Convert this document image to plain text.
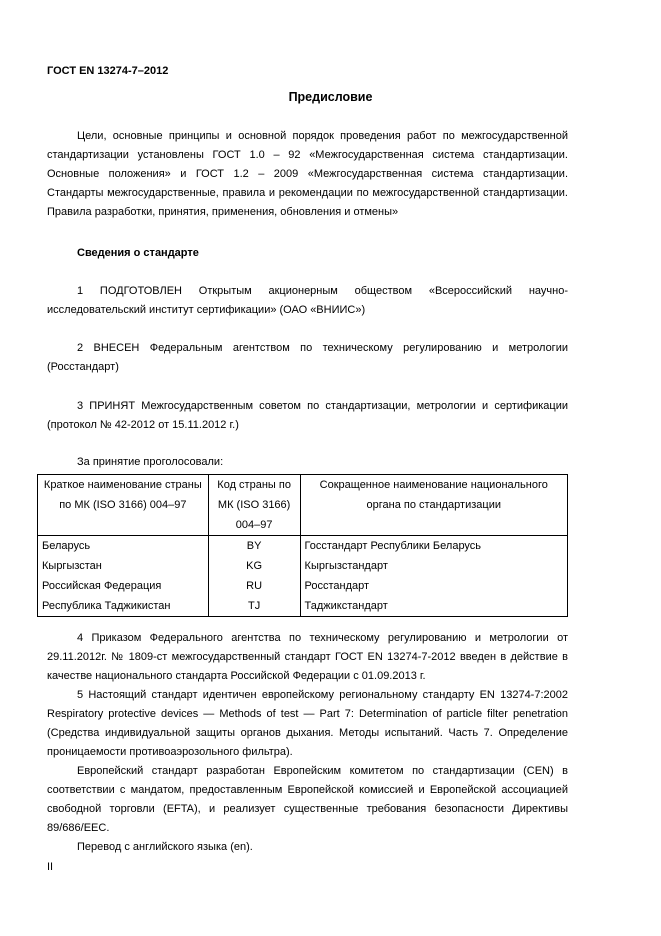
ГОСТ EN 13274-7–2012
Предисловие

Цели, основные принципы и основной порядок проведения работ по межгосударственной стандартизации установлены ГОСТ 1.0 – 92 «Межгосударственная система стандартизации. Основные положения» и ГОСТ 1.2 – 2009 «Межгосударственная система стандартизации. Стандарты межгосударственные, правила и рекомендации по межгосударственной стандартизации. Правила разработки, принятия, применения, обновления и отмены»

Сведения о стандарте

1 ПОДГОТОВЛЕН Открытым акционерным обществом «Всероссийский научно-исследовательский институт сертификации» (ОАО «ВНИИС»)

2 ВНЕСЕН Федеральным агентством по техническому регулированию и метрологии (Росстандарт)

3 ПРИНЯТ Межгосударственным советом по стандартизации, метрологии и сертификации (протокол № 42-2012 от 15.11.2012 г.)

За принятие проголосовали:
Краткое наименование страны по МК (ISO 3166) 004–97	Код страны по МК (ISO 3166) 004–97	Сокращенное наименование национального органа по стандартизации
Беларусь	BY	Госстандарт Республики Беларусь
Кыргызстан	KG	Кыргызстандарт
Российская Федерация	RU	Росстандарт
Республика Таджикистан	TJ	Таджикстандарт

4 Приказом Федерального агентства по техническому регулированию и метрологии от 29.11.2012г. № 1809-ст межгосударственный стандарт ГОСТ EN 13274-7-2012 введен в действие в качестве национального стандарта Российской Федерации с 01.09.2013 г.

5 Настоящий стандарт идентичен европейскому региональному стандарту EN 13274-7:2002 Respiratory protective devices — Methods of test — Part 7: Determination of particle filter penetration (Средства индивидуальной защиты органов дыхания. Методы испытаний. Часть 7. Определение проницаемости противоаэрозольного фильтра).

Европейский стандарт разработан Европейским комитетом по стандартизации (CEN) в соответствии с мандатом, предоставленным Европейской комиссией и Европейской ассоциацией свободной торговли (EFTA), и реализует существенные требования безопасности Директивы 89/686/EEC.

Перевод с английского языка (en).

II
